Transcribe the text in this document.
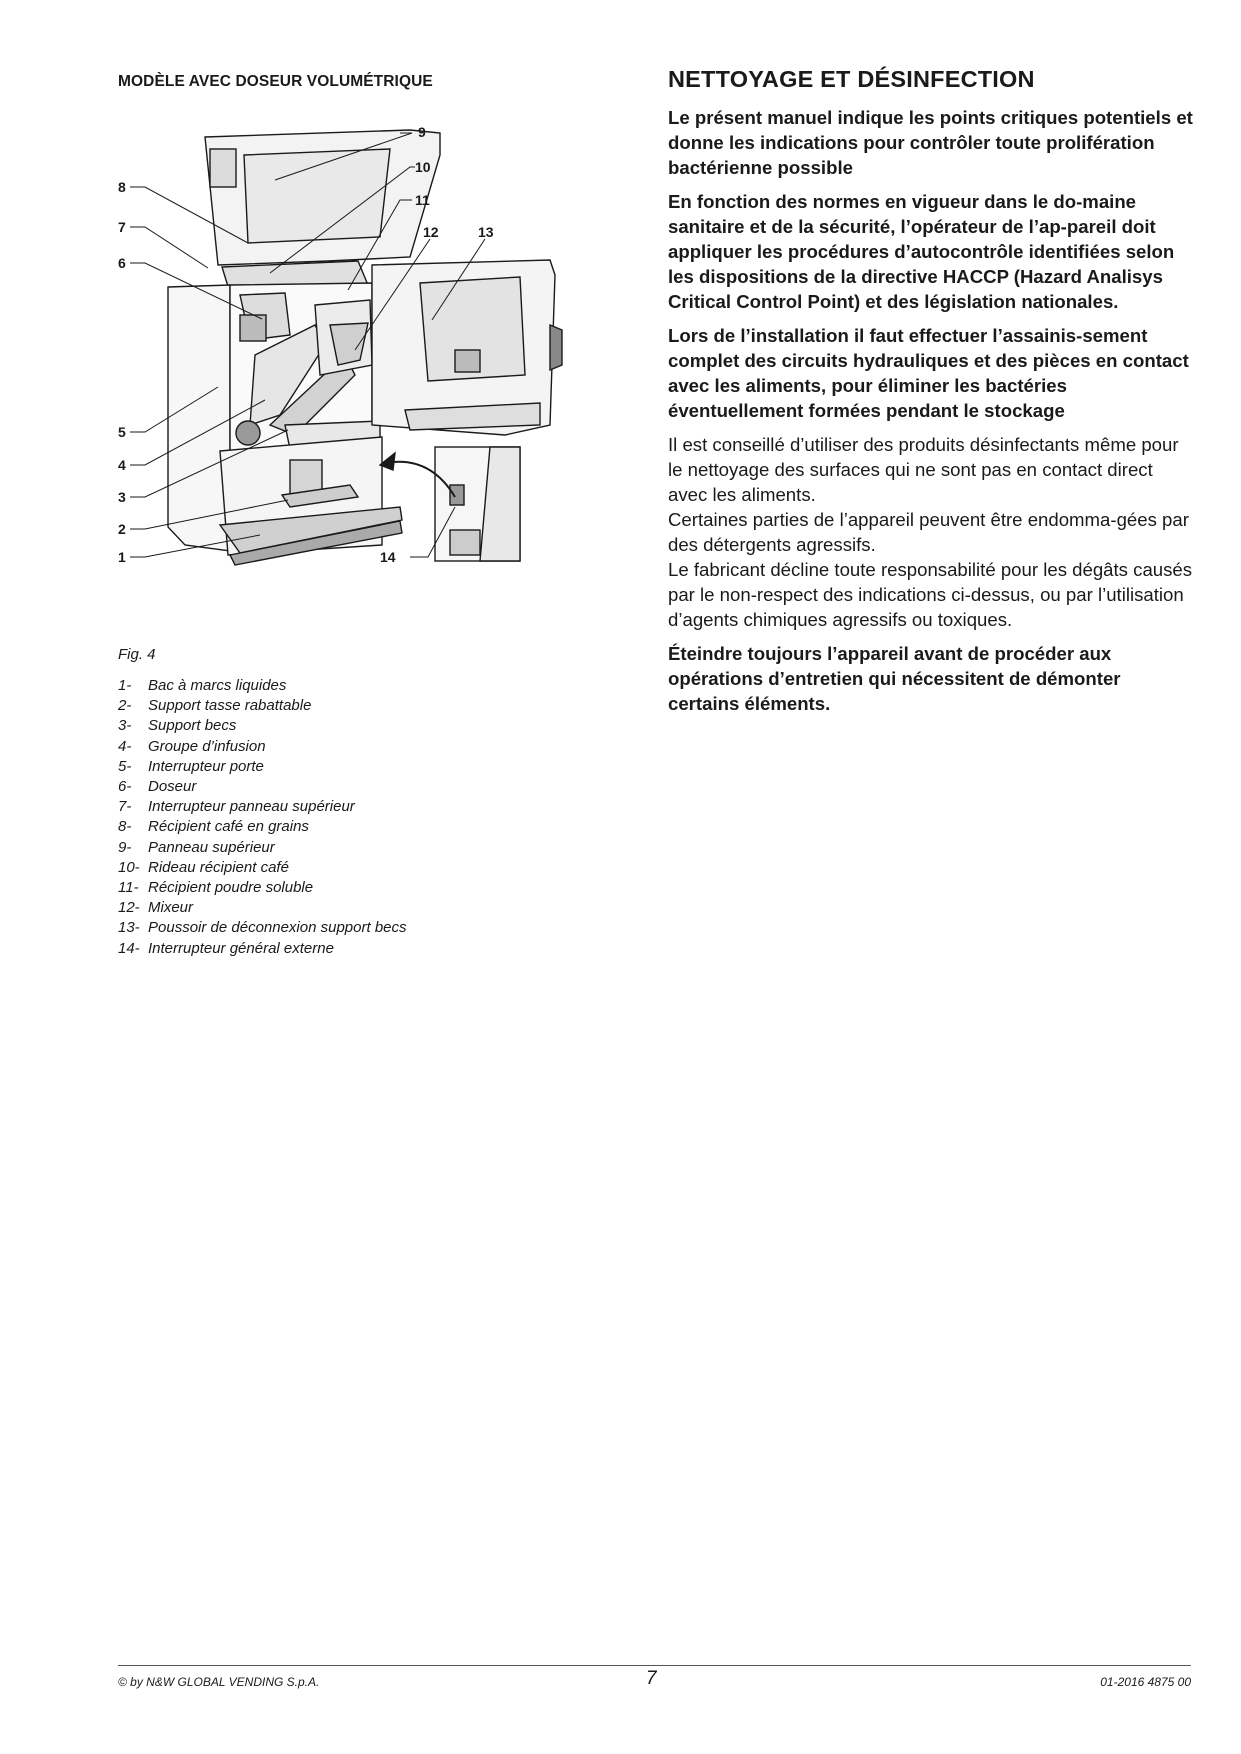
MODÈLE AVEC DOSEUR VOLUMÉTRIQUE
1
2
3
4
5
6
7
8
9
10
11
12	13
14
Fig. 4
1-	Bac à marcs liquides
2-	Support tasse rabattable
3-	Support becs
4-	Groupe d’infusion
5-	Interrupteur porte
6-	Doseur
7-	Interrupteur panneau supérieur
8-	Récipient café en grains
9-	Panneau supérieur
10- Rideau récipient café
11- Récipient poudre soluble
12- Mixeur
13- Poussoir de déconnexion support becs
14- Interrupteur général externe
NETTOYAGE ET DÉSINFECTION

Le présent manuel indique les points critiques potentiels et donne les indications pour contrôler toute prolifération bactérienne possible

En fonction des normes en vigueur dans le do-maine sanitaire et de la sécurité, l’opérateur de l’ap-pareil doit appliquer les procédures d’autocontrôle identifiées selon les dispositions de la directive HACCP (Hazard Analisys Critical Control Point) et des législation nationales.

Lors de l’installation il faut effectuer l’assainis-sement complet des circuits hydrauliques et des pièces en contact avec les aliments, pour éliminer les bactéries éventuellement formées pendant le stockage

Il est conseillé d’utiliser des produits désinfectants même pour le nettoyage des surfaces qui ne sont pas en contact direct avec les aliments.

Certaines parties de l’appareil peuvent être endomma-gées par des détergents agressifs.

Le fabricant décline toute responsabilité pour les dégâts causés par le non-respect des indications ci-dessus, ou par l’utilisation d’agents chimiques agressifs ou toxiques.

Éteindre toujours l’appareil avant de procéder aux opérations d’entretien qui nécessitent de démonter certains éléments.

© by N&W GLOBAL VENDING S.p.A.	7	01-2016 4875 00
